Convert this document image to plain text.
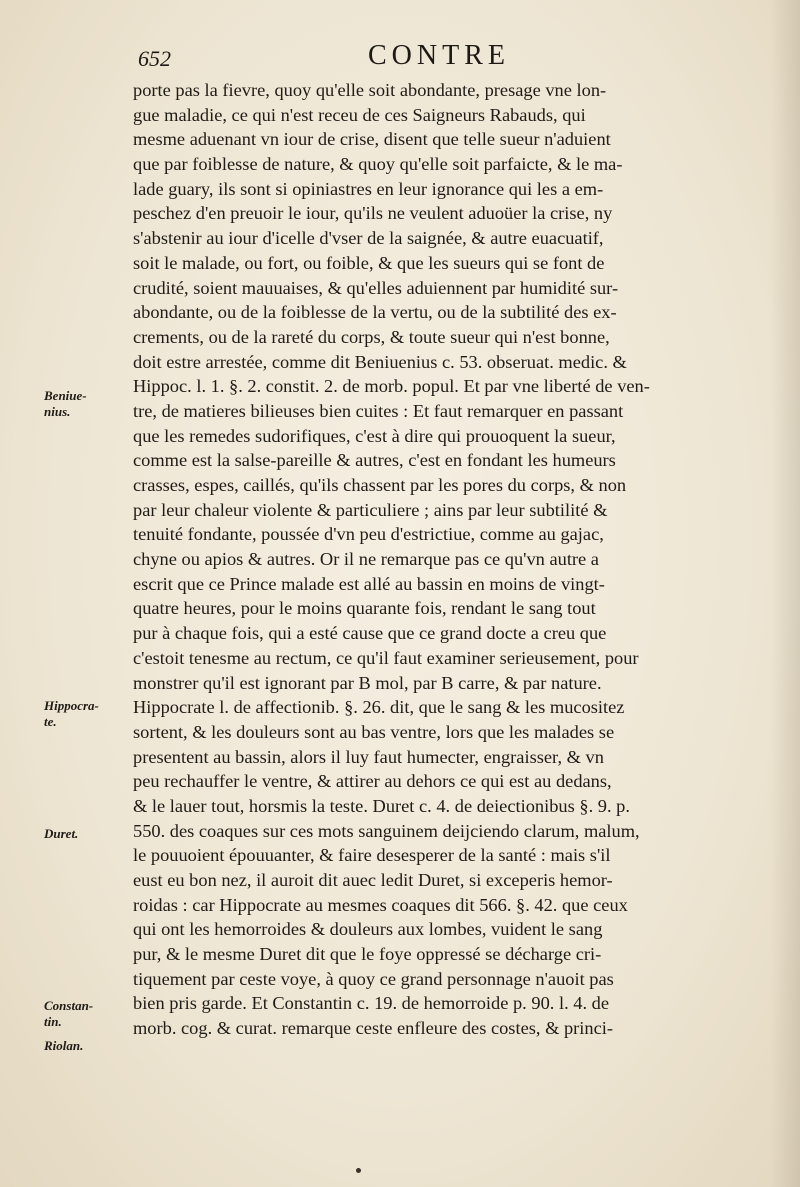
652	CONTRE
porte pas la fievre, quoy qu'elle soit abondante, presage vne lon-
gue maladie, ce qui n'est receu de ces Saigneurs Rabauds, qui
mesme aduenant vn iour de crise, disent que telle sueur n'aduient
que par foiblesse de nature, & quoy qu'elle soit parfaicte, & le ma-
lade guary, ils sont si opiniastres en leur ignorance qui les a em-
peschez d'en preuoir le iour, qu'ils ne veulent aduoüer la crise, ny
s'abstenir au iour d'icelle d'vser de la saignée, & autre euacuatif,
soit le malade, ou fort, ou foible, & que les sueurs qui se font de
crudité, soient mauuaises, & qu'elles aduiennent par humidité sur-
abondante, ou de la foiblesse de la vertu, ou de la subtilité des ex-
crements, ou de la rareté du corps, & toute sueur qui n'est bonne,
doit estre arrestée, comme dit Beniuenius c. 53. obseruat. medic. &
Hippoc. l. 1. §. 2. constit. 2. de morb. popul. Et par vne liberté de ven-
tre, de matieres bilieuses bien cuites : Et faut remarquer en passant
que les remedes sudorifiques, c'est à dire qui prouoquent la sueur,
comme est la salse-pareille & autres, c'est en fondant les humeurs
crasses, espes, caillés, qu'ils chassent par les pores du corps, & non
par leur chaleur violente & particuliere ; ains par leur subtilité &
tenuité fondante, poussée d'vn peu d'estrictiue, comme au gajac,
chyne ou apios & autres. Or il ne remarque pas ce qu'vn autre a
escrit que ce Prince malade est allé au bassin en moins de vingt-
quatre heures, pour le moins quarante fois, rendant le sang tout
pur à chaque fois, qui a esté cause que ce grand docte a creu que
c'estoit tenesme au rectum, ce qu'il faut examiner serieusement, pour
monstrer qu'il est ignorant par B mol, par B carre, & par nature.
Hippocrate l. de affectionib. §. 26. dit, que le sang & les mucositez
sortent, & les douleurs sont au bas ventre, lors que les malades se
presentent au bassin, alors il luy faut humecter, engraisser, & vn
peu rechauffer le ventre, & attirer au dehors ce qui est au dedans,
& le lauer tout, horsmis la teste. Duret c. 4. de deiectionibus §. 9. p.
550. des coaques sur ces mots sanguinem deijciendo clarum, malum,
le pouuoient épouuanter, & faire desesperer de la santé : mais s'il
eust eu bon nez, il auroit dit auec ledit Duret, si exceperis hemor-
roidas : car Hippocrate au mesmes coaques dit 566. §. 42. que ceux
qui ont les hemorroides & douleurs aux lombes, vuident le sang
pur, & le mesme Duret dit que le foye oppressé se décharge cri-
tiquement par ceste voye, à quoy ce grand personnage n'auoit pas
bien pris garde. Et Constantin c. 19. de hemorroide p. 90. l. 4. de
morb. cog. & curat. remarque ceste enfleure des costes, & princi-
Beniue-
nius.
Hippocra-
te.
Duret.
Constan-
tin.
Riolan.
